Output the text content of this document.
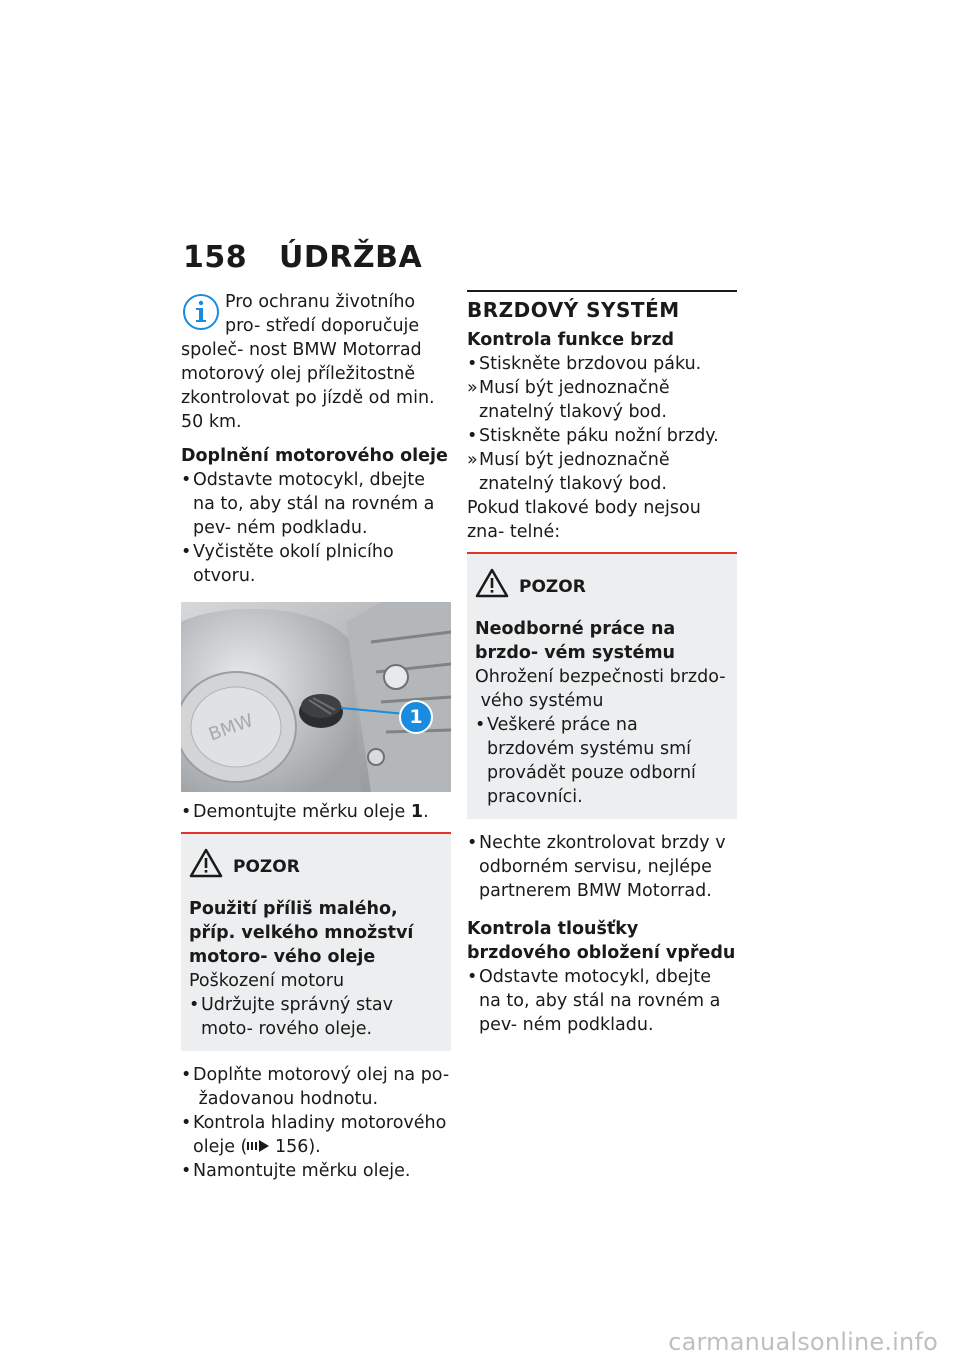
158 ÚDRŽBA

Pro ochranu životního pro- středí doporučuje společ- nost BMW Motorrad motorový olej příležitostně zkontrolovat po jízdě od min. 50 km.

Doplnění motorového oleje

• Odstavte motocykl, dbejte na to, aby stál na rovném a pev- ném podkladu.

• Vyčistěte okolí plnicího otvoru.

BMW	1

• Demontujte měrku oleje 1.

POZOR

Použití příliš malého, příp. velkého množství motoro- vého oleje

Poškození motoru

• Udržujte správný stav moto- rového oleje.

• Doplňte motorový olej na po- žadovanou hodnotu.

• Kontrola hladiny motorového oleje ( 156).

• Namontujte měrku oleje.

BRZDOVÝ SYSTÉM

Kontrola funkce brzd

• Stiskněte brzdovou páku.

» Musí být jednoznačně znatelný tlakový bod.

• Stiskněte páku nožní brzdy.

» Musí být jednoznačně znatelný tlakový bod.

Pokud tlakové body nejsou zna- telné:

POZOR

Neodborné práce na brzdo- vém systému

Ohrožení bezpečnosti brzdo- vého systému

• Veškeré práce na brzdovém systému smí provádět pouze odborní pracovníci.

• Nechte zkontrolovat brzdy v odborném servisu, nejlépe partnerem BMW Motorrad.

Kontrola tloušťky brzdového obložení vpředu

• Odstavte motocykl, dbejte na to, aby stál na rovném a pev- ném podkladu.

carmanualsonline.info
